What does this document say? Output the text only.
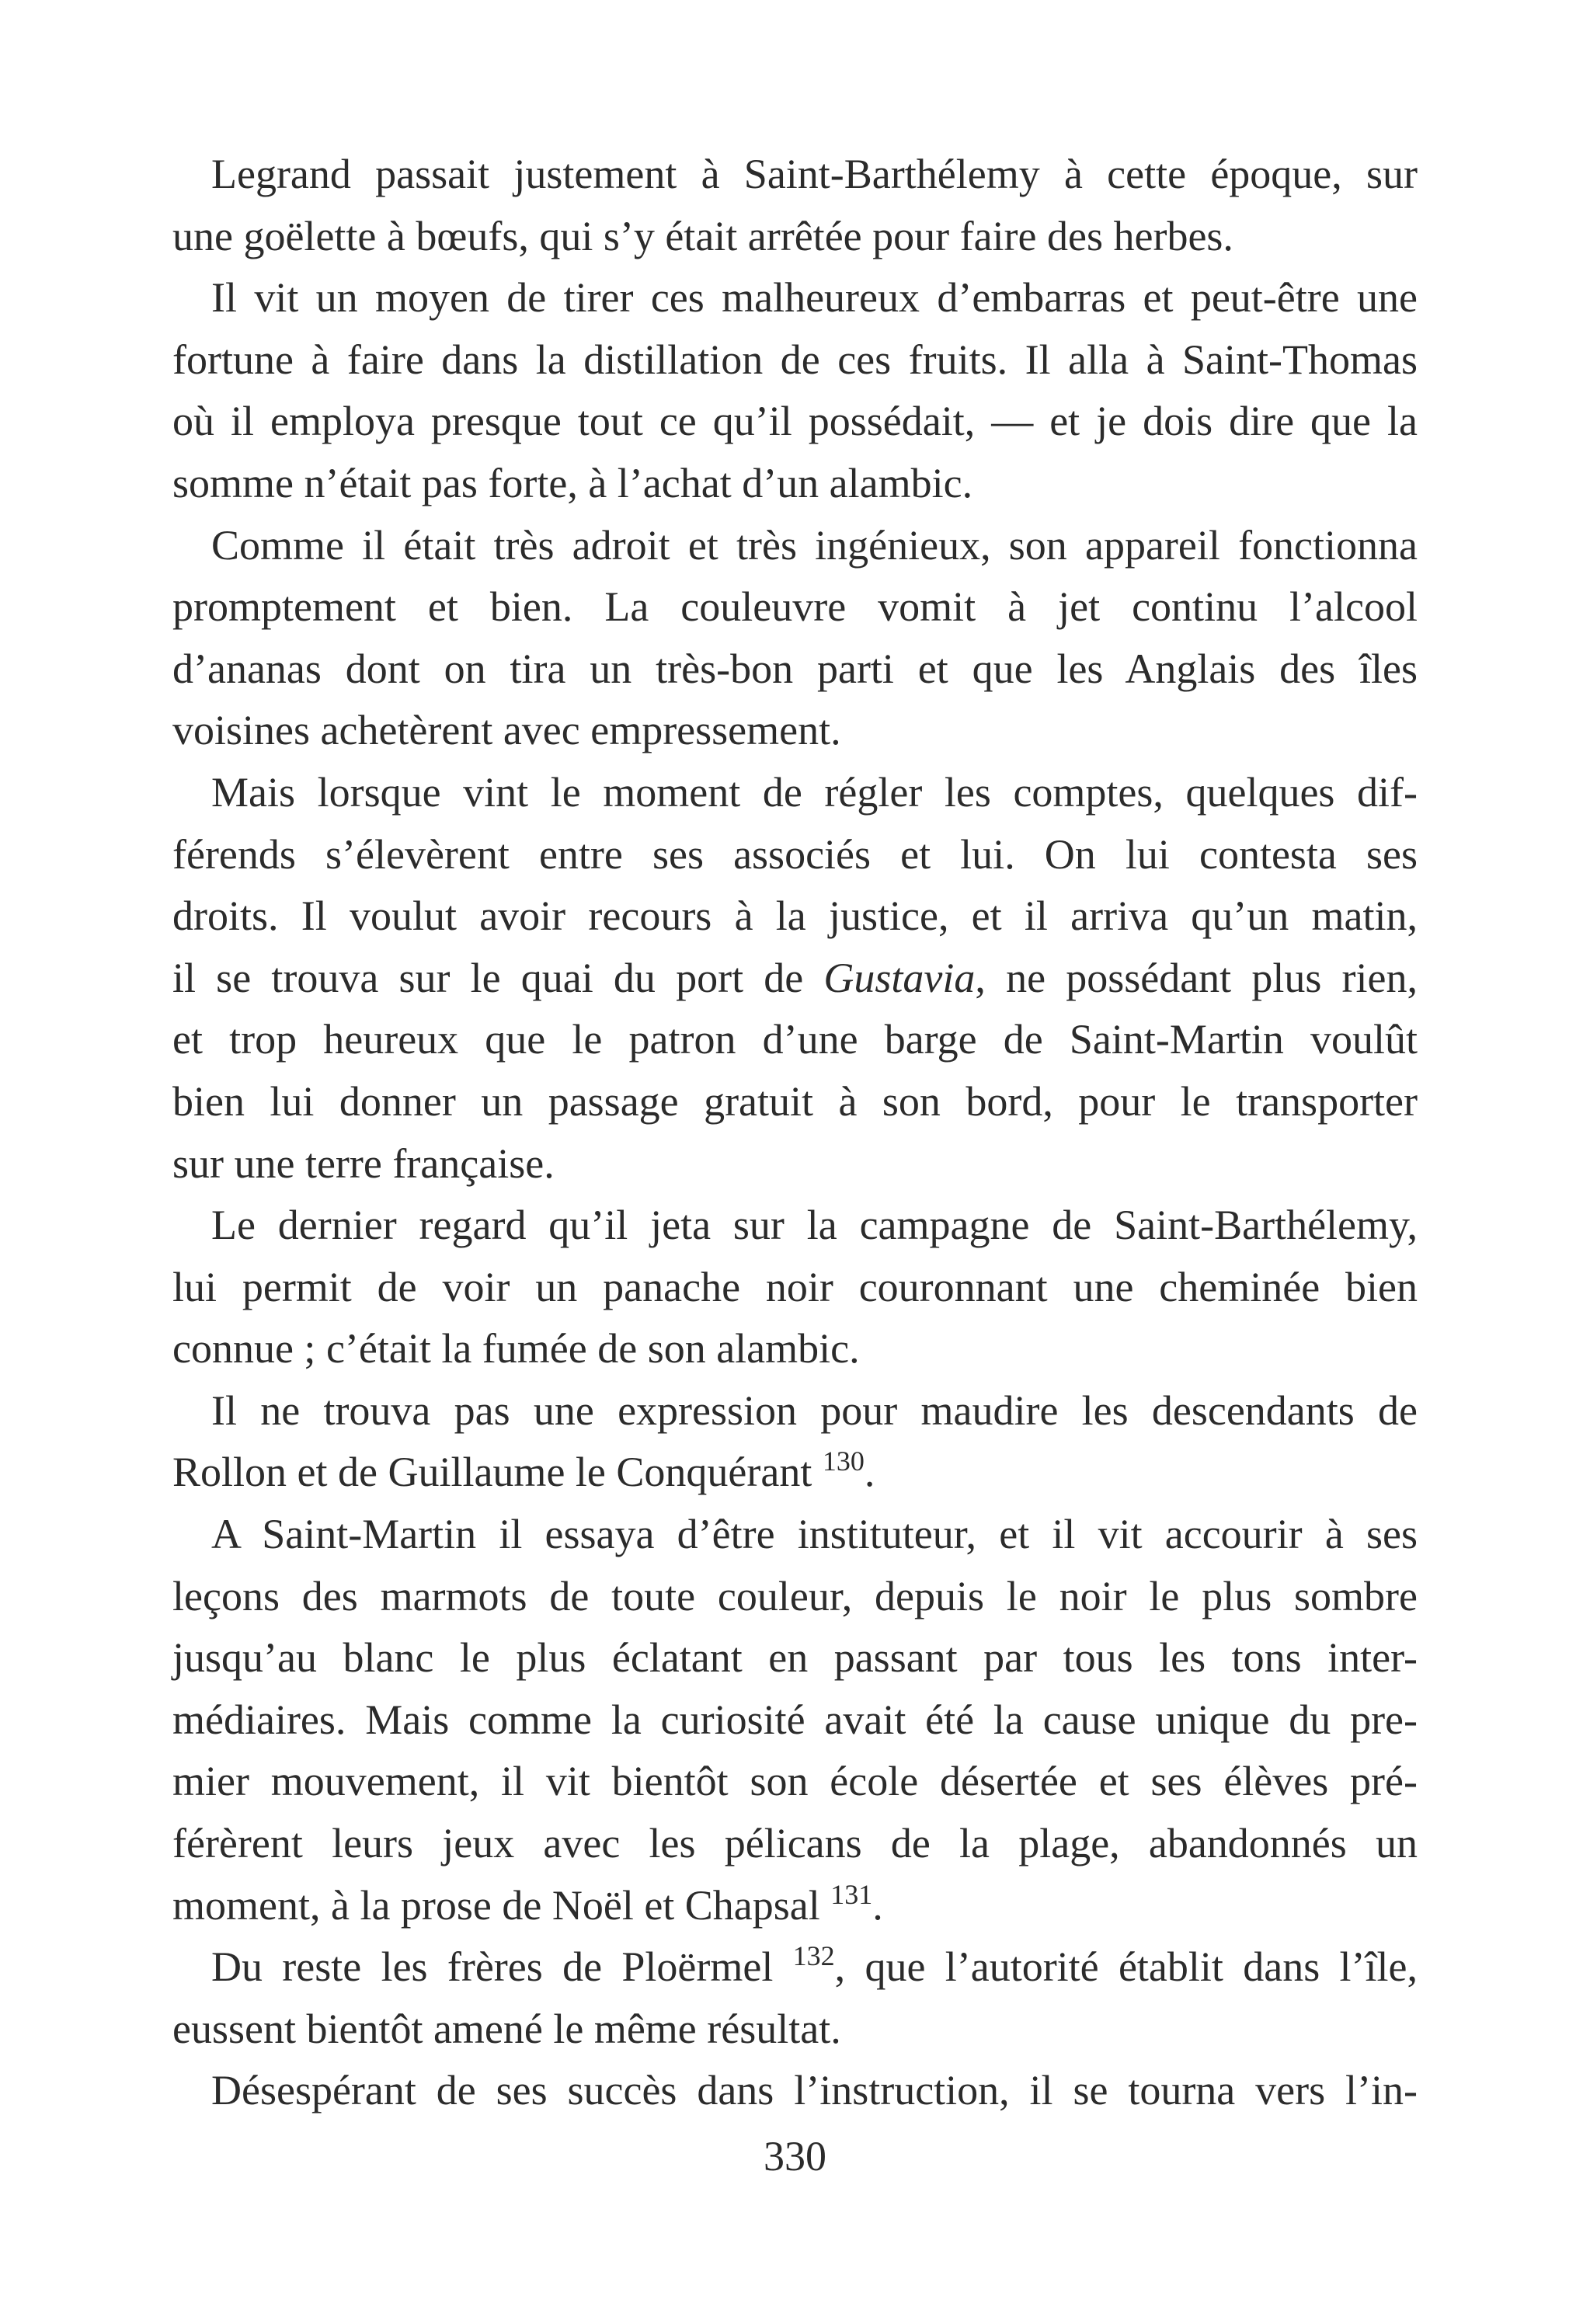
Legrand passait justement à Saint-Barthélemy à cette époque, sur
une goëlette à bœufs, qui s’y était arrêtée pour faire des herbes.
Il vit un moyen de tirer ces malheureux d’embarras et peut-être une
fortune à faire dans la distillation de ces fruits. Il alla à Saint-Thomas
où il employa presque tout ce qu’il possédait, — et je dois dire que la
somme n’était pas forte, à l’achat d’un alambic.
Comme il était très adroit et très ingénieux, son appareil fonctionna
promptement et bien. La couleuvre vomit à jet continu l’alcool
d’ananas dont on tira un très-bon parti et que les Anglais des îles
voisines achetèrent avec empressement.
Mais lorsque vint le moment de régler les comptes, quelques dif-
férends s’élevèrent entre ses associés et lui. On lui contesta ses
droits. Il voulut avoir recours à la justice, et il arriva qu’un matin,
il se trouva sur le quai du port de Gustavia, ne possédant plus rien,
et trop heureux que le patron d’une barge de Saint-Martin voulût
bien lui donner un passage gratuit à son bord, pour le transporter
sur une terre française.
Le dernier regard qu’il jeta sur la campagne de Saint-Barthélemy,
lui permit de voir un panache noir couronnant une cheminée bien
connue ; c’était la fumée de son alambic.
Il ne trouva pas une expression pour maudire les descendants de
Rollon et de Guillaume le Conquérant $^{130}$.
A Saint-Martin il essaya d’être instituteur, et il vit accourir à ses
leçons des marmots de toute couleur, depuis le noir le plus sombre
jusqu’au blanc le plus éclatant en passant par tous les tons inter-
médiaires. Mais comme la curiosité avait été la cause unique du pre-
mier mouvement, il vit bientôt son école désertée et ses élèves pré-
férèrent leurs jeux avec les pélicans de la plage, abandonnés un
moment, à la prose de Noël et Chapsal $^{131}$.
Du reste les frères de Ploërmel $^{132}$, que l’autorité établit dans l’île,
eussent bientôt amené le même résultat.
Désespérant de ses succès dans l’instruction, il se tourna vers l’in-
330
